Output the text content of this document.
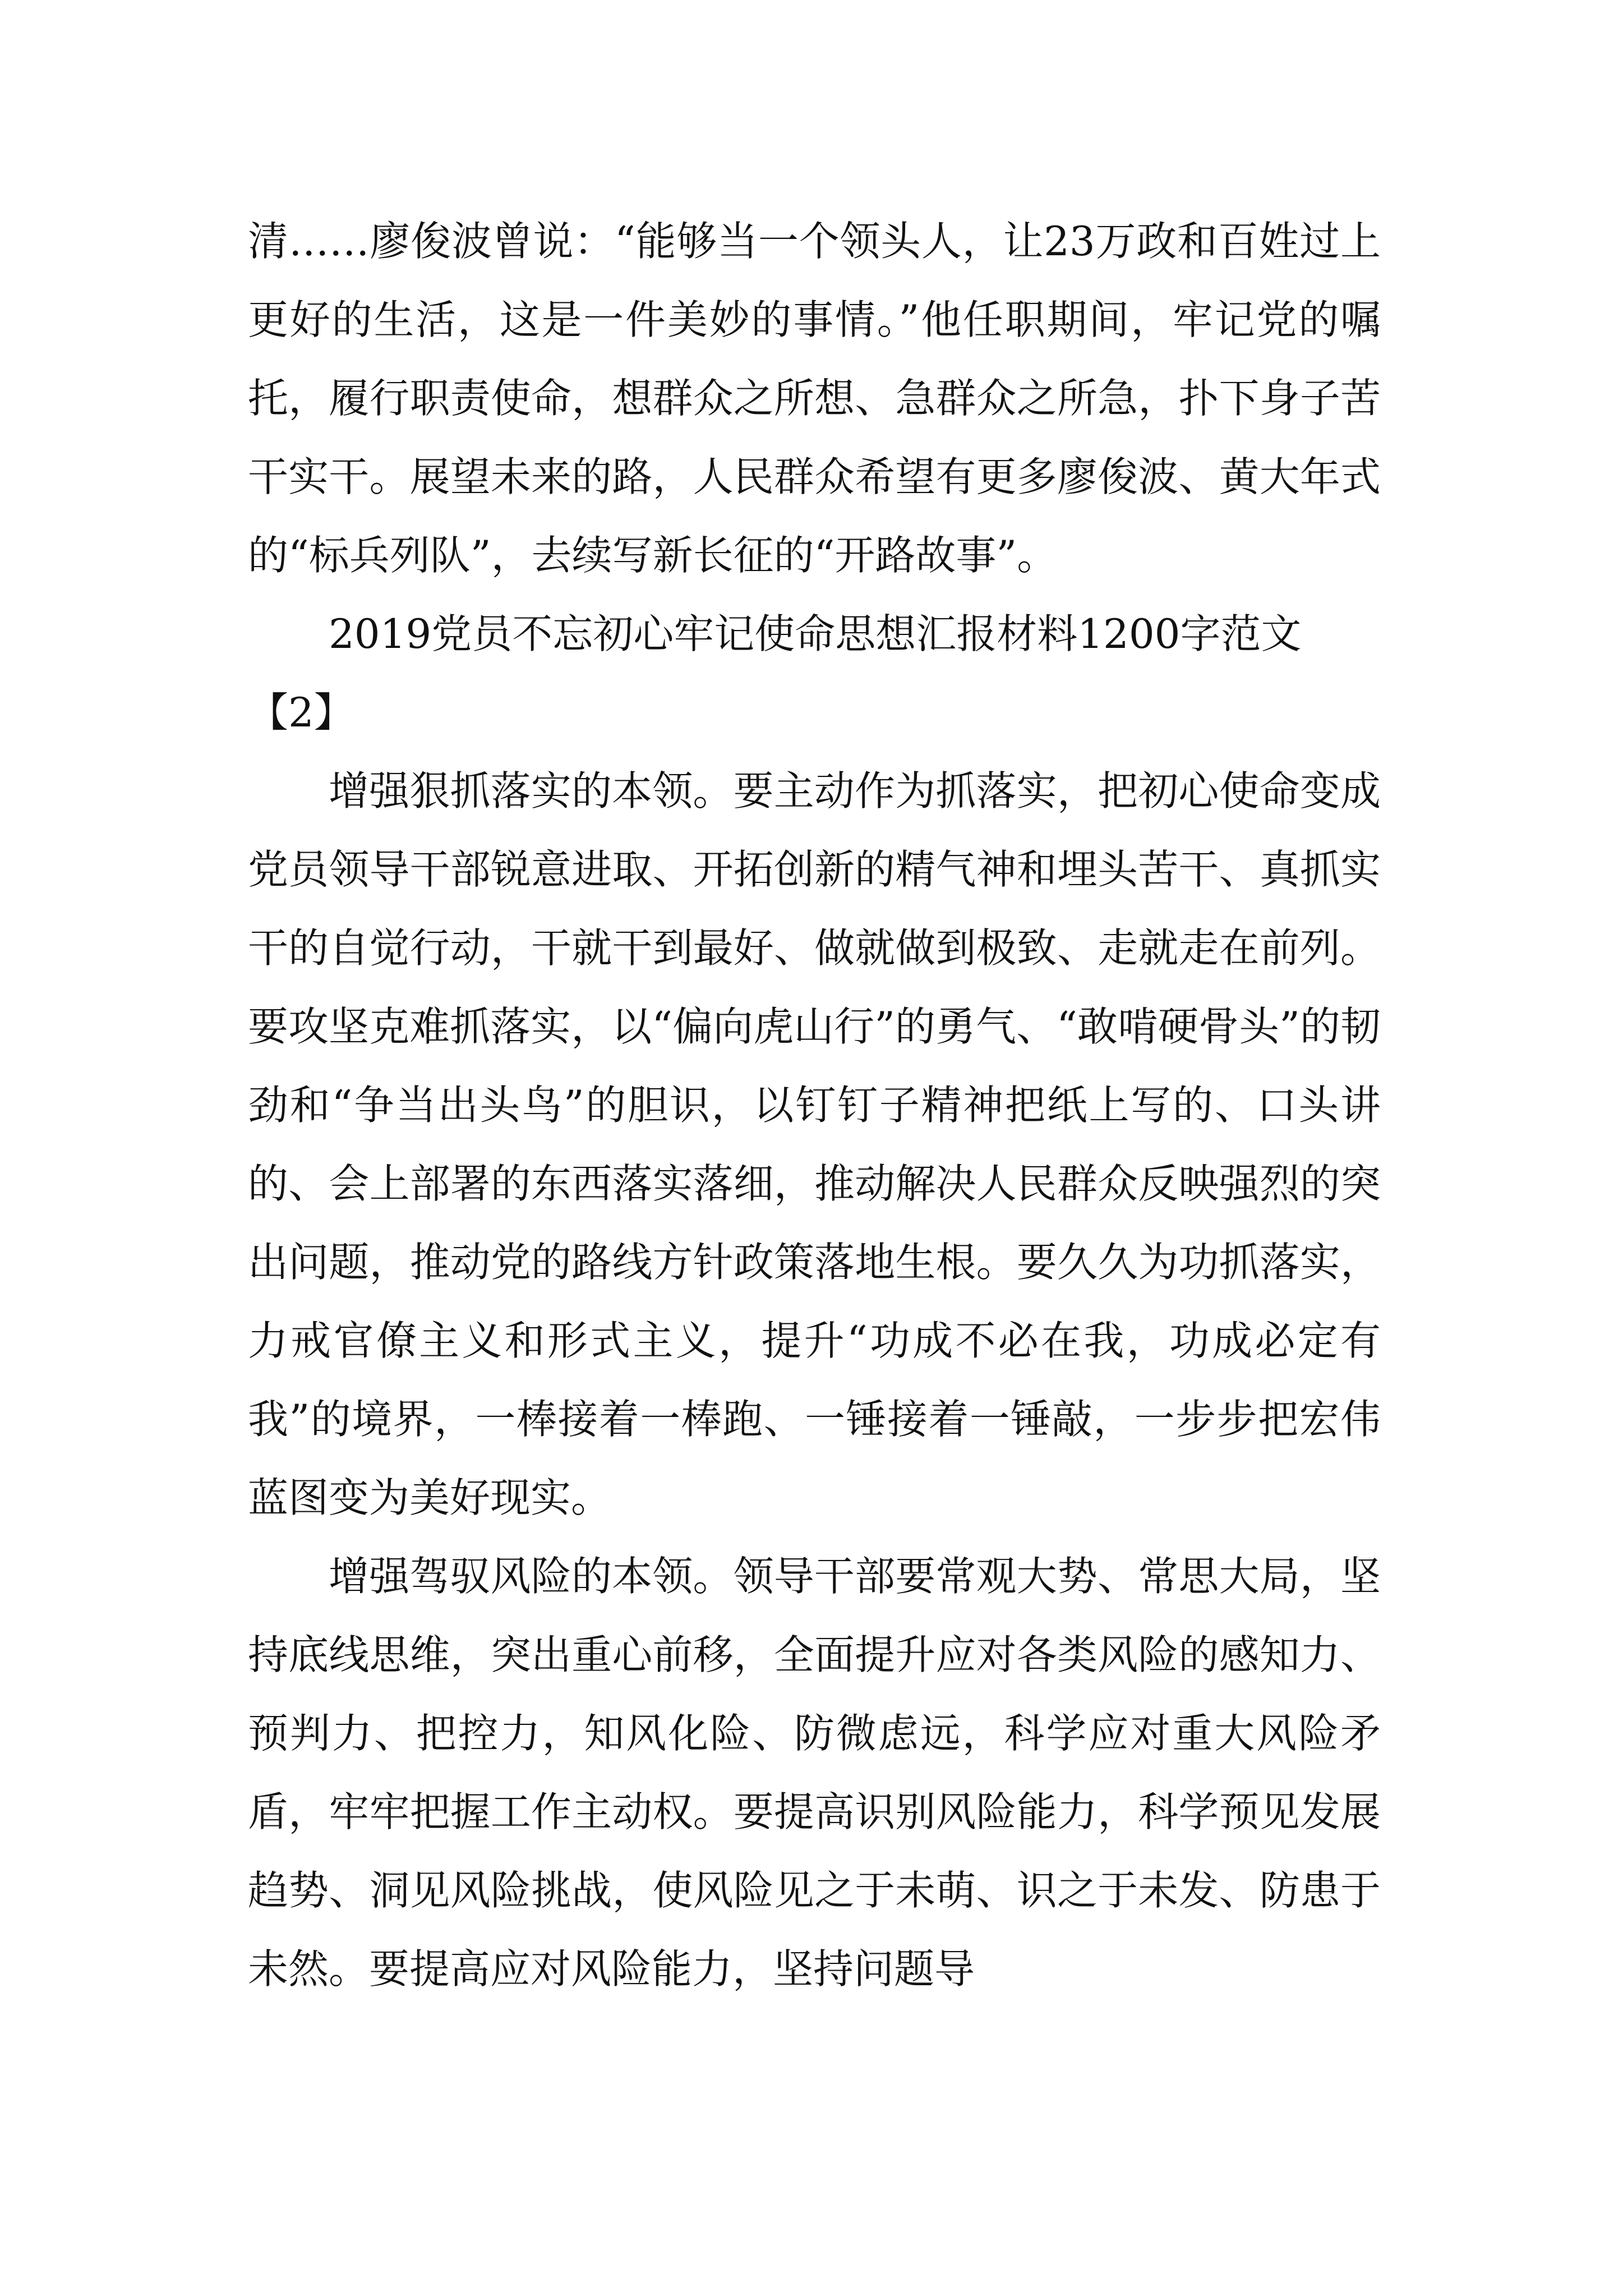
清……廖俊波曾说：“能够当一个领头人，让23万政和百姓过上更好的生活，这是一件美妙的事情。”他任职期间，牢记党的嘱托，履行职责使命，想群众之所想、急群众之所急，扑下身子苦干实干。展望未来的路，人民群众希望有更多廖俊波、黄大年式的“标兵列队”，去续写新长征的“开路故事”。

2019党员不忘初心牢记使命思想汇报材料1200字范文【2】

增强狠抓落实的本领。要主动作为抓落实，把初心使命变成党员领导干部锐意进取、开拓创新的精气神和埋头苦干、真抓实干的自觉行动，干就干到最好、做就做到极致、走就走在前列。要攻坚克难抓落实，以“偏向虎山行”的勇气、“敢啃硬骨头”的韧劲和“争当出头鸟”的胆识，以钉钉子精神把纸上写的、口头讲的、会上部署的东西落实落细，推动解决人民群众反映强烈的突出问题，推动党的路线方针政策落地生根。要久久为功抓落实，力戒官僚主义和形式主义，提升“功成不必在我，功成必定有我”的境界，一棒接着一棒跑、一锤接着一锤敲，一步步把宏伟蓝图变为美好现实。

增强驾驭风险的本领。领导干部要常观大势、常思大局，坚持底线思维，突出重心前移，全面提升应对各类风险的感知力、预判力、把控力，知风化险、防微虑远，科学应对重大风险矛盾，牢牢把握工作主动权。要提高识别风险能力，科学预见发展趋势、洞见风险挑战，使风险见之于未萌、识之于未发、防患于未然。要提高应对风险能力，坚持问题导
